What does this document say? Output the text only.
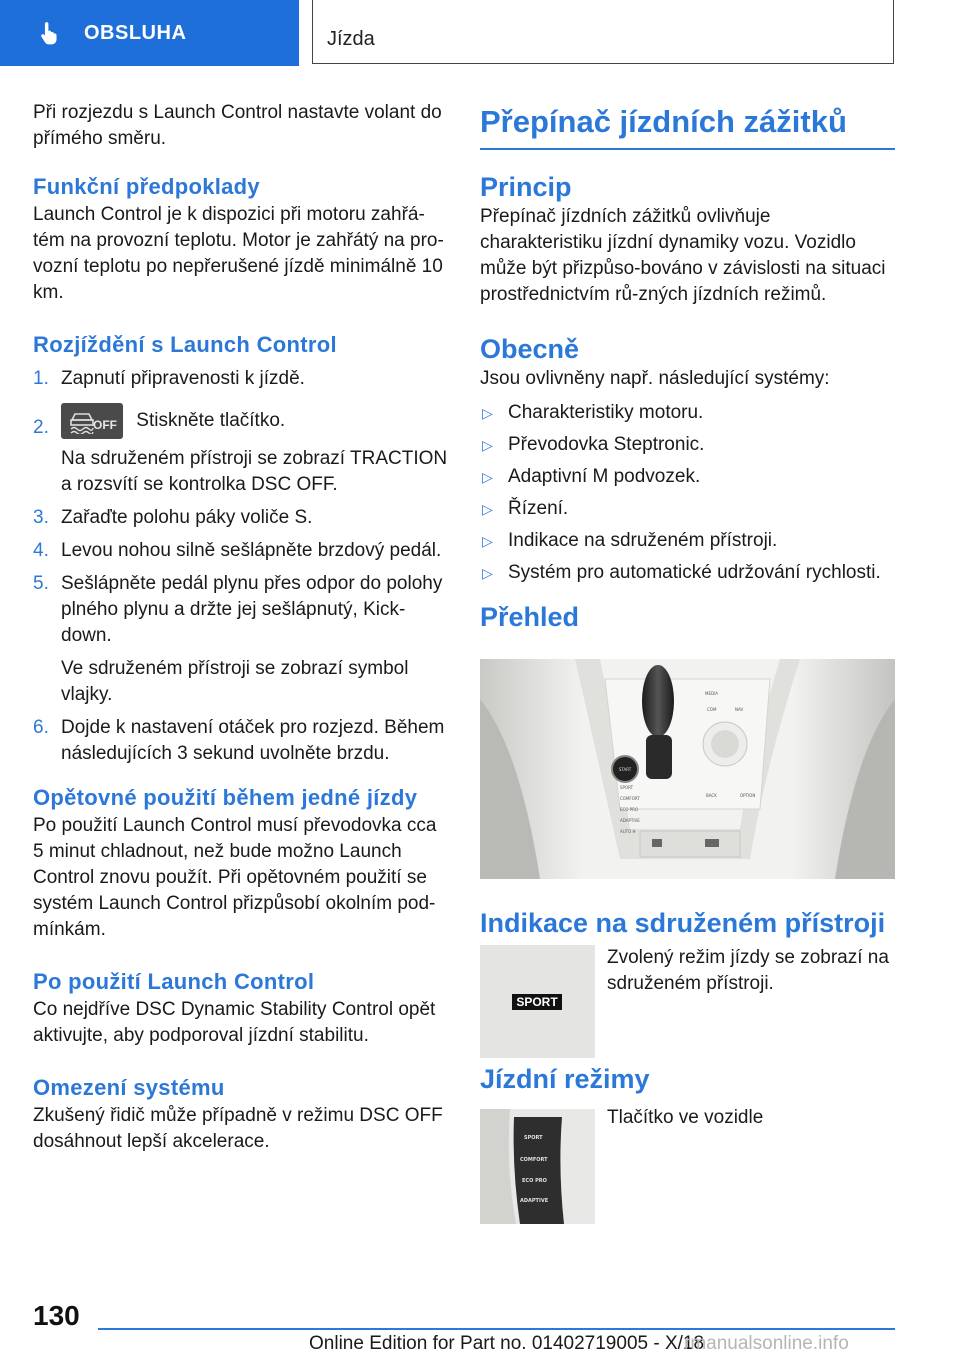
OBSLUHA	Jízda

Při rozjezdu s Launch Control nastavte volant do přímého směru.

Funkční předpoklady

Launch Control je k dispozici při motoru zahřá‐tém na provozní teplotu. Motor je zahřátý na pro‐vozní teplotu po nepřerušené jízdě minimálně 10 km.

Rozjíždění s Launch Control
1. Zapnutí připravenosti k jízdě.
2.	OFF Stiskněte tlačítko.
Na sdruženém přístroji se zobrazí TRACTION a rozsvítí se kontrolka DSC OFF.
3. Zařaďte polohu páky voliče S.
4. Levou nohou silně sešlápněte brzdový pedál.
5. Sešlápněte pedál plynu přes odpor do polohy plného plynu a držte jej sešlápnutý, Kick‐down.
Ve sdruženém přístroji se zobrazí symbol vlajky.
6. Dojde k nastavení otáček pro rozjezd. Během následujících 3 sekund uvolněte brzdu.
Opětovné použití během jedné jízdy

Po použití Launch Control musí převodovka cca 5 minut chladnout, než bude možno Launch Control znovu použít. Při opětovném použití se systém Launch Control přizpůsobí okolním pod‐mínkám.

Po použití Launch Control

Co nejdříve DSC Dynamic Stability Control opět aktivujte, aby podporoval jízdní stabilitu.

Omezení systému

Zkušený řidič může případně v režimu DSC OFF dosáhnout lepší akcelerace.

Přepínač jízdních zážitků
Princip

Přepínač jízdních zážitků ovlivňuje charakteristiku jízdní dynamiky vozu. Vozidlo může být přizpůso‐bováno v závislosti na situaci prostřednictvím rů‐zných jízdních režimů.

Obecně

Jsou ovlivněny např. následující systémy:

▷ Charakteristiky motoru.
▷ Převodovka Steptronic.
▷ Adaptivní M podvozek.
▷ Řízení.
▷ Indikace na sdruženém přístroji.
▷ Systém pro automatické udržování rychlosti.
Přehled
START
MEDIA
COM	NAV
BACK	OPTION
SPORT
COMFORT
ECO PRO
ADAPTIVE
AUTO H
Indikace na sdruženém přístroji
SPORT
Zvolený režim jízdy se zobrazí na sdruženém přístroji.
Jízdní režimy
SPORT
COMFORT
ECO PRO
ADAPTIVE
Tlačítko ve vozidle
130
Online Edition for Part no. 01402719005 - X/18
rmanualsonline.info
